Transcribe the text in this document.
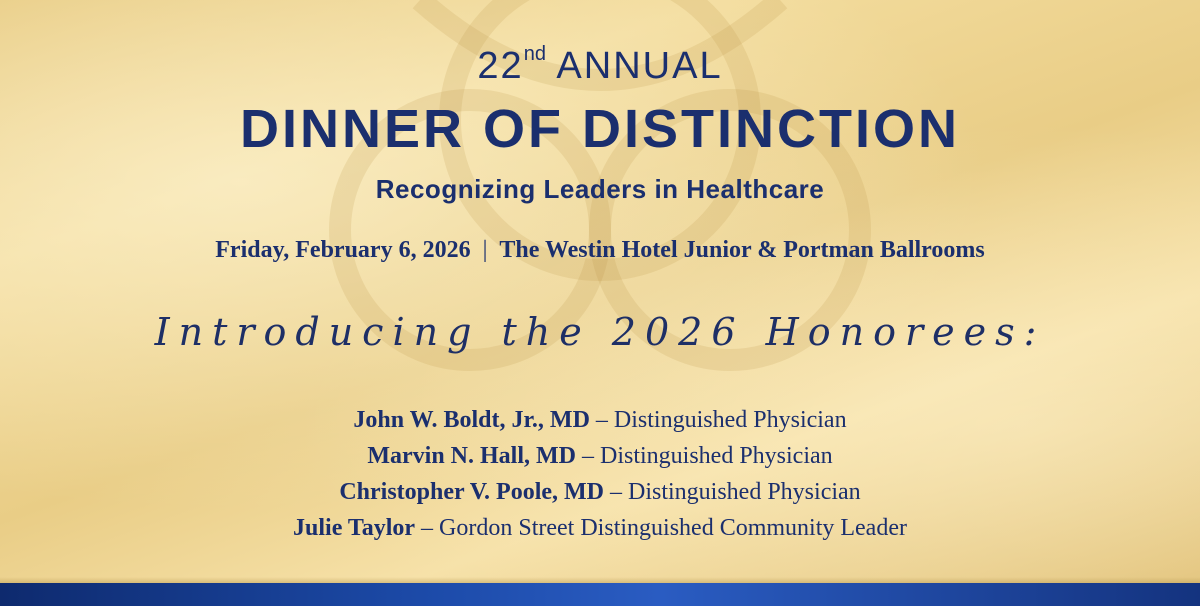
22nd ANNUAL
DINNER OF DISTINCTION
Recognizing Leaders in Healthcare
Friday, February 6, 2026 | The Westin Hotel Junior & Portman Ballrooms
Introducing the 2026 Honorees:
John W. Boldt, Jr., MD – Distinguished Physician
Marvin N. Hall, MD – Distinguished Physician
Christopher V. Poole, MD – Distinguished Physician
Julie Taylor – Gordon Street Distinguished Community Leader
